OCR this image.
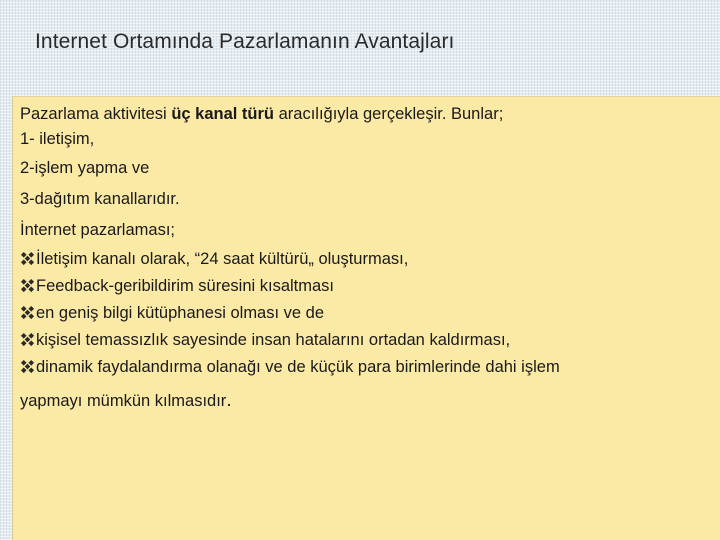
Internet Ortamında Pazarlamanın Avantajları

Pazarlama aktivitesi üç kanal türü aracılığıyla gerçekleşir. Bunlar;

1- iletişim,

2-işlem yapma ve

3-dağıtım kanallarıdır.

İnternet pazarlaması;

İletişim kanalı olarak, “24 saat kültürü„ oluşturması,

Feedback-geribildirim süresini kısaltması

en geniş bilgi kütüphanesi olması ve de

kişisel temassızlık sayesinde insan hatalarını ortadan kaldırması,

dinamik faydalandırma olanağı ve de küçük para birimlerinde dahi işlem

yapmayı mümkün kılmasıdır.
